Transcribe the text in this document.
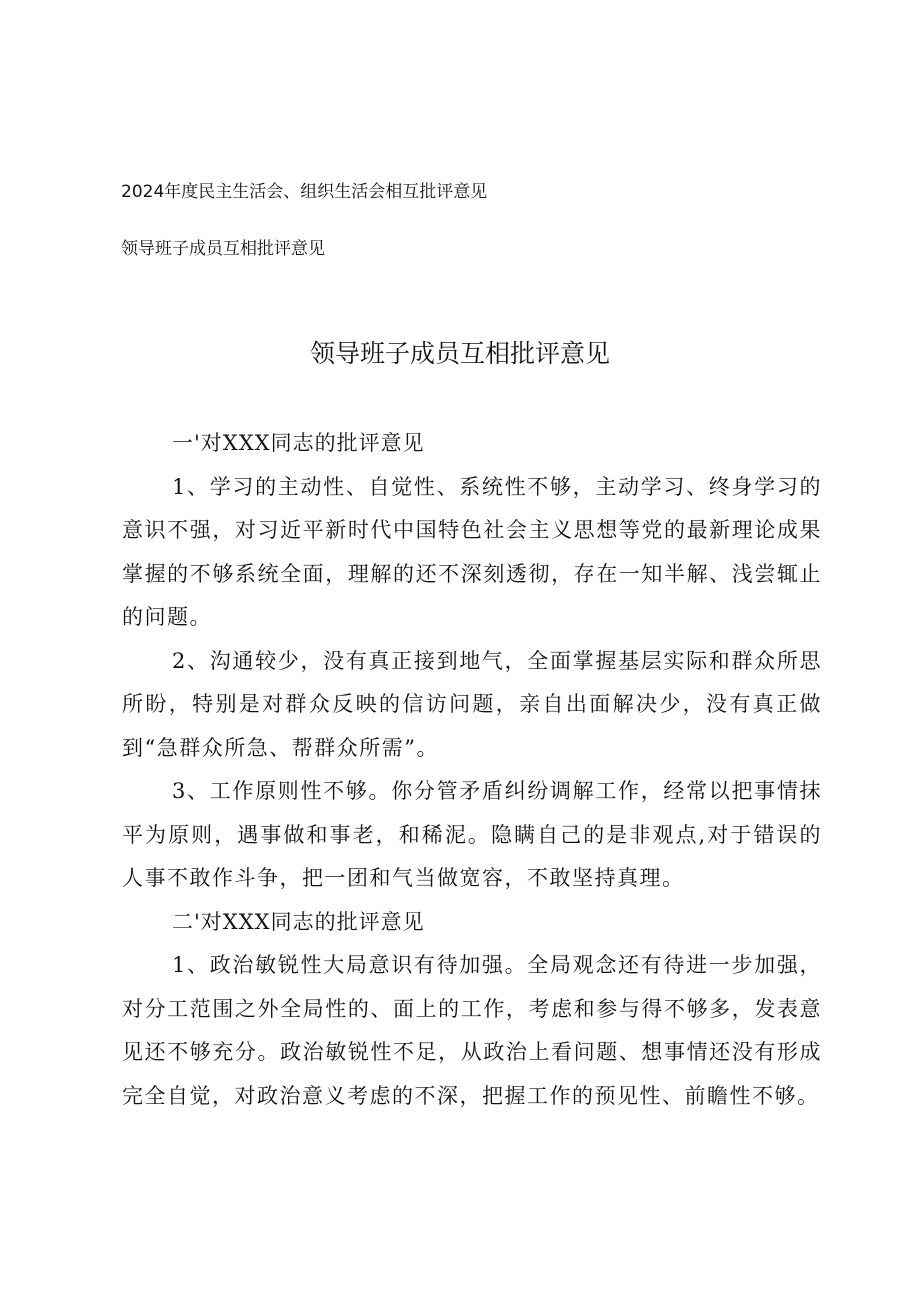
2024年度民主生活会、组织生活会相互批评意见
领导班子成员互相批评意见
领导班子成员互相批评意见

一'对XXX同志的批评意见

1、学习的主动性、自觉性、系统性不够，主动学习、终身学习的意识不强，对习近平新时代中国特色社会主义思想等党的最新理论成果掌握的不够系统全面，理解的还不深刻透彻，存在一知半解、浅尝辄止的问题。

2、沟通较少，没有真正接到地气，全面掌握基层实际和群众所思所盼，特别是对群众反映的信访问题，亲自出面解决少，没有真正做到“急群众所急、帮群众所需”。

3、工作原则性不够。你分管矛盾纠纷调解工作，经常以把事情抹平为原则，遇事做和事老，和稀泥。隐瞒自己的是非观点,对于错误的人事不敢作斗争，把一团和气当做宽容，不敢坚持真理。

二'对XXX同志的批评意见

1、政治敏锐性大局意识有待加强。全局观念还有待进一步加强，对分工范围之外全局性的、面上的工作，考虑和参与得不够多，发表意见还不够充分。政治敏锐性不足，从政治上看问题、想事情还没有形成完全自觉，对政治意义考虑的不深，把握工作的预见性、前瞻性不够。
